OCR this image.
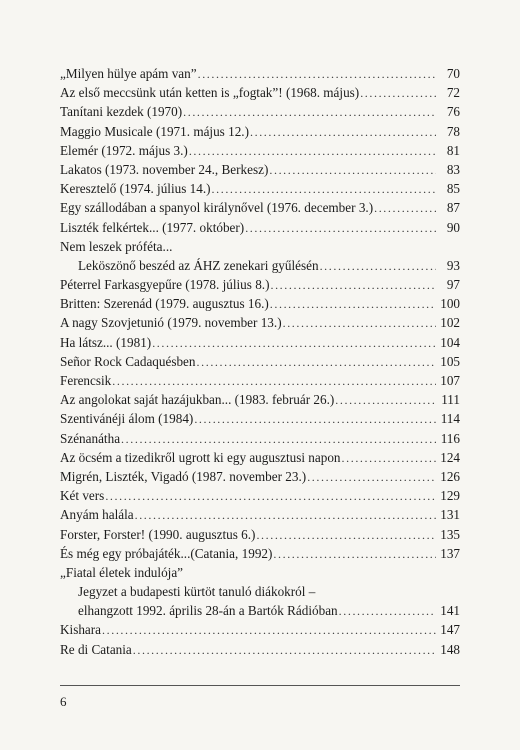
„Milyen hülye apám van” .....	70
Az első meccsünk után ketten is „fogtak”! (1968. május) .....	72
Tanítani kezdek (1970) .....	76
Maggio Musicale (1971. május 12.) .....	78
Elemér (1972. május 3.) .....	81
Lakatos (1973. november 24., Berkesz) .....	83
Keresztelő (1974. július 14.) .....	85
Egy szállodában a spanyol királynővel (1976. december 3.) .....	87
Liszték felkértek... (1977. október) .....	90
Nem leszek próféta...
Leköszönő beszéd az ÁHZ zenekari gyűlésén .....	93
Péterrel Farkasgyepűre (1978. július 8.) .....	97
Britten: Szerenád (1979. augusztus 16.) .....	100
A nagy Szovjetunió (1979. november 13.) .....	102
Ha látsz... (1981) .....	104
Señor Rock Cadaquésben .....	105
Ferencsik .....	107
Az angolokat saját hazájukban... (1983. február 26.) .....	111
Szentivánéji álom (1984) .....	114
Szénanátha .....	116
Az öcsém a tizedikről ugrott ki egy augusztusi napon .....	124
Migrén, Liszték, Vigadó (1987. november 23.) .....	126
Két vers .....	129
Anyám halála .....	131
Forster, Forster! (1990. augusztus 6.) .....	135
És még egy próbajáték...(Catania, 1992) .....	137
„Fiatal életek indulója”
Jegyzet a budapesti kürtöt tanuló diákokról –
elhangzott 1992. április 28-án a Bartók Rádióban .....	141
Kishara .....	147
Re di Catania .....	148
6
